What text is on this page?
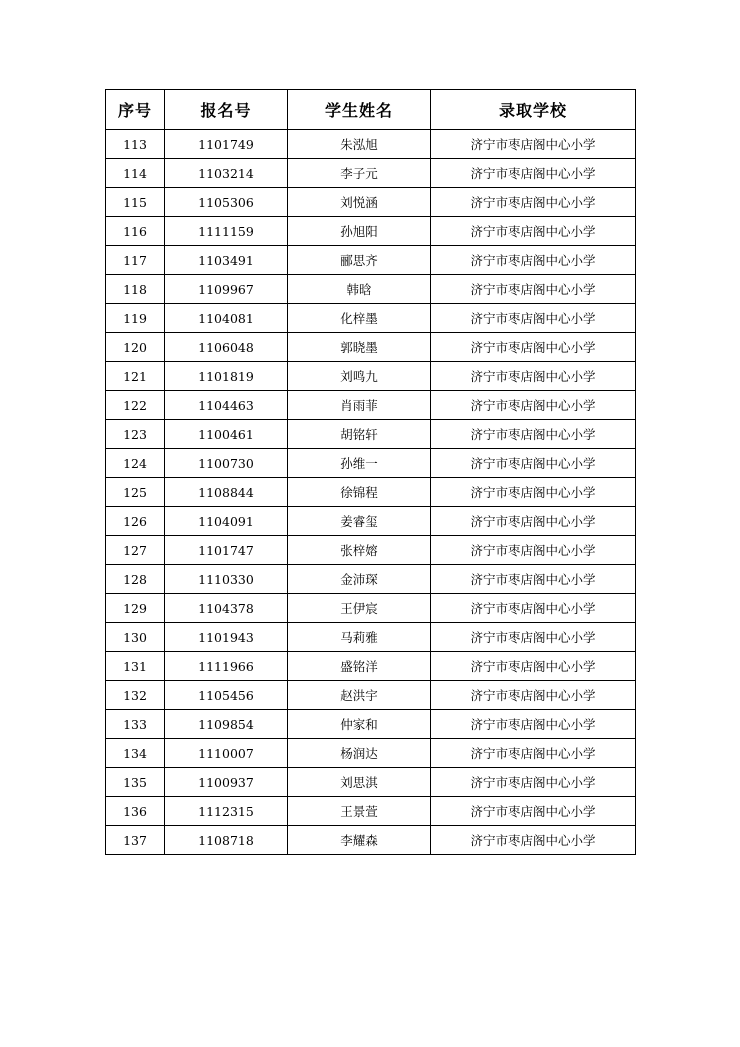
序号	报名号	学生姓名	录取学校
113	1101749	朱泓旭	济宁市枣店阁中心小学
114	1103214	李子元	济宁市枣店阁中心小学
115	1105306	刘悦涵	济宁市枣店阁中心小学
116	1111159	孙旭阳	济宁市枣店阁中心小学
117	1103491	郦思齐	济宁市枣店阁中心小学
118	1109967	韩晗	济宁市枣店阁中心小学
119	1104081	化梓墨	济宁市枣店阁中心小学
120	1106048	郭晓墨	济宁市枣店阁中心小学
121	1101819	刘鸣九	济宁市枣店阁中心小学
122	1104463	肖雨菲	济宁市枣店阁中心小学
123	1100461	胡铭轩	济宁市枣店阁中心小学
124	1100730	孙维一	济宁市枣店阁中心小学
125	1108844	徐锦程	济宁市枣店阁中心小学
126	1104091	姜睿玺	济宁市枣店阁中心小学
127	1101747	张梓嫆	济宁市枣店阁中心小学
128	1110330	金沛琛	济宁市枣店阁中心小学
129	1104378	王伊宸	济宁市枣店阁中心小学
130	1101943	马莉雅	济宁市枣店阁中心小学
131	1111966	盛铭洋	济宁市枣店阁中心小学
132	1105456	赵洪宇	济宁市枣店阁中心小学
133	1109854	仲家和	济宁市枣店阁中心小学
134	1110007	杨润达	济宁市枣店阁中心小学
135	1100937	刘思淇	济宁市枣店阁中心小学
136	1112315	王景萱	济宁市枣店阁中心小学
137	1108718	李耀森	济宁市枣店阁中心小学
